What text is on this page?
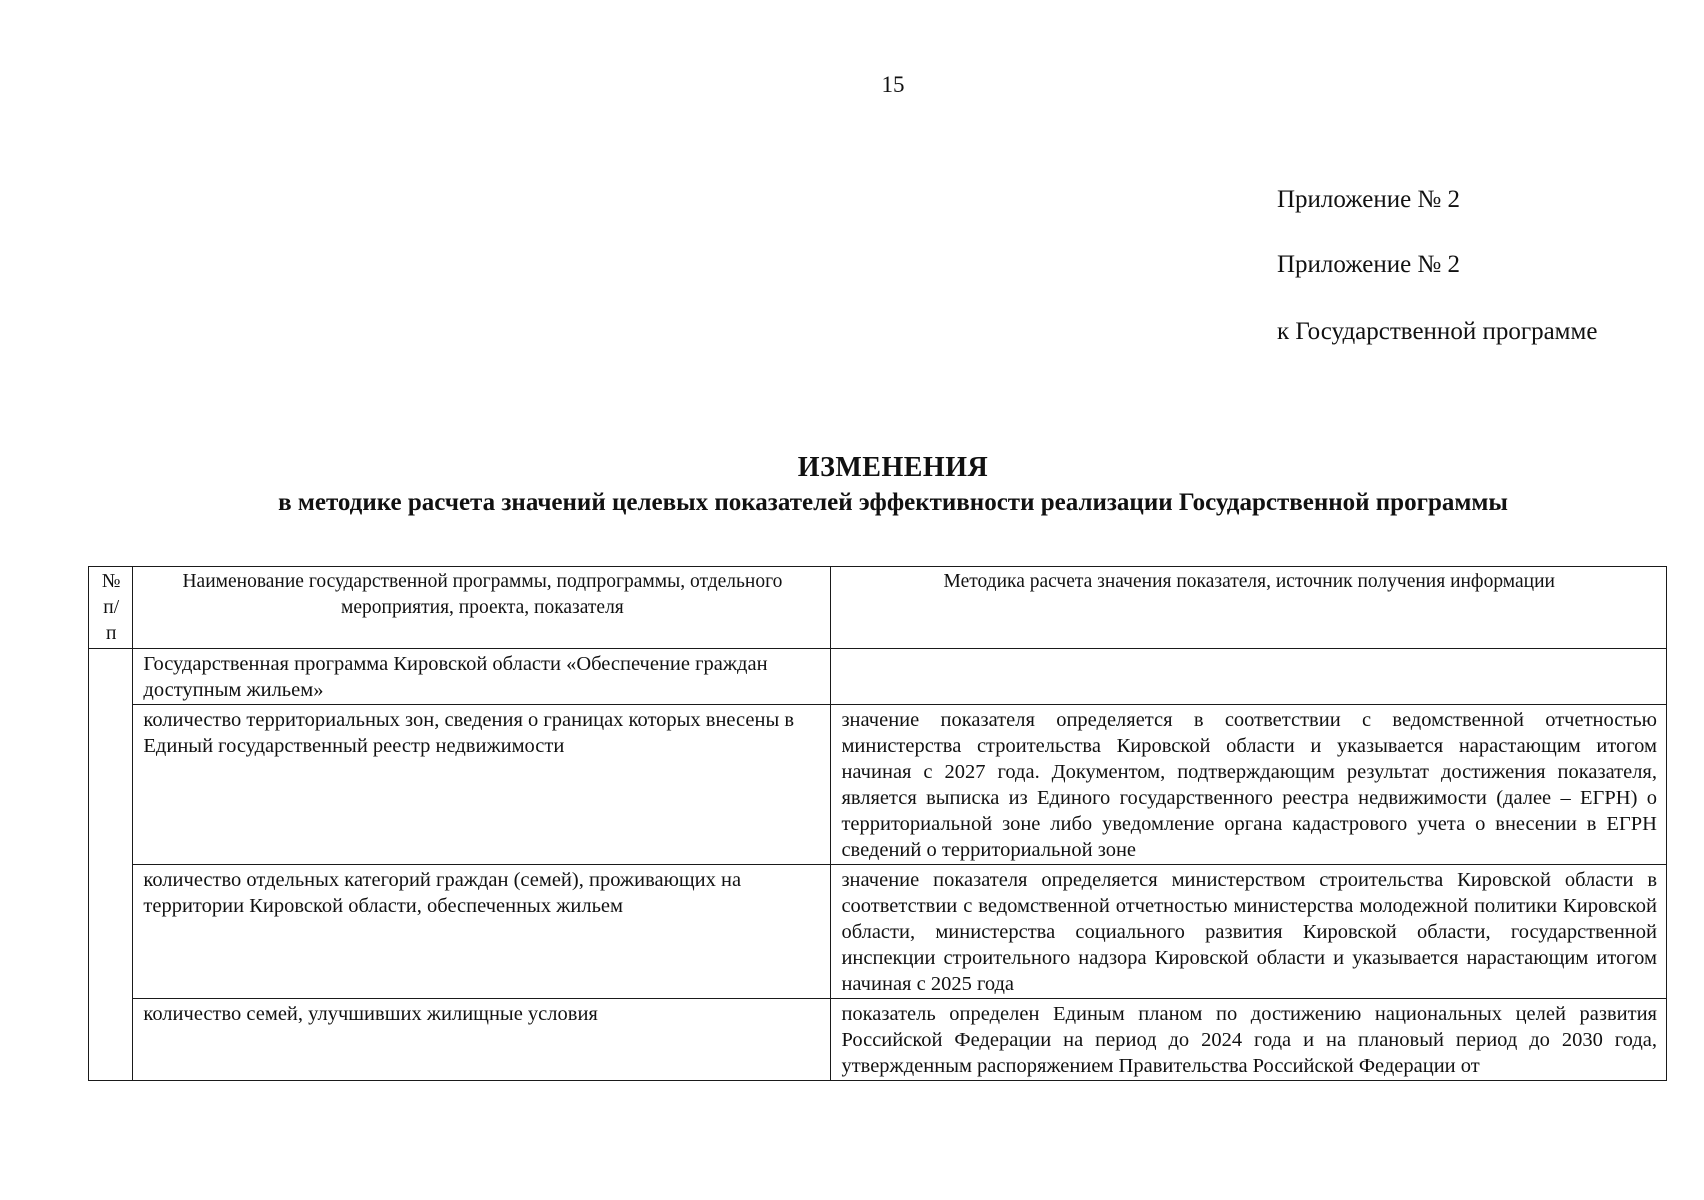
15
Приложение № 2
Приложение № 2
к Государственной программе
ИЗМЕНЕНИЯ
в методике расчета значений целевых показателей эффективности реализации Государственной программы
№ п/п	Наименование государственной программы, подпрограммы, отдельного мероприятия, проекта, показателя	Методика расчета значения показателя, источник получения информации
	Государственная программа Кировской области «Обеспечение граждан доступным жильем»	
	количество территориальных зон, сведения о границах которых внесены в Единый государственный реестр недвижимости	значение показателя определяется в соответствии с ведомственной отчетностью министерства строительства Кировской области и указывается нарастающим итогом начиная с 2027 года. Документом, подтверждающим результат достижения показателя, является выписка из Единого государственного реестра недвижимости (далее – ЕГРН) о территориальной зоне либо уведомление органа кадастрового учета о внесении в ЕГРН сведений о территориальной зоне
	количество отдельных категорий граждан (семей), проживающих на территории Кировской области, обеспеченных жильем	значение показателя определяется министерством строительства Кировской области в соответствии с ведомственной отчетностью министерства молодежной политики Кировской области, министерства социального развития Кировской области, государственной инспекции строительного надзора Кировской области и указывается нарастающим итогом начиная с 2025 года
	количество семей, улучшивших жилищные условия	показатель определен Единым планом по достижению национальных целей развития Российской Федерации на период до 2024 года и на плановый период до 2030 года, утвержденным распоряжением Правительства Российской Федерации от
